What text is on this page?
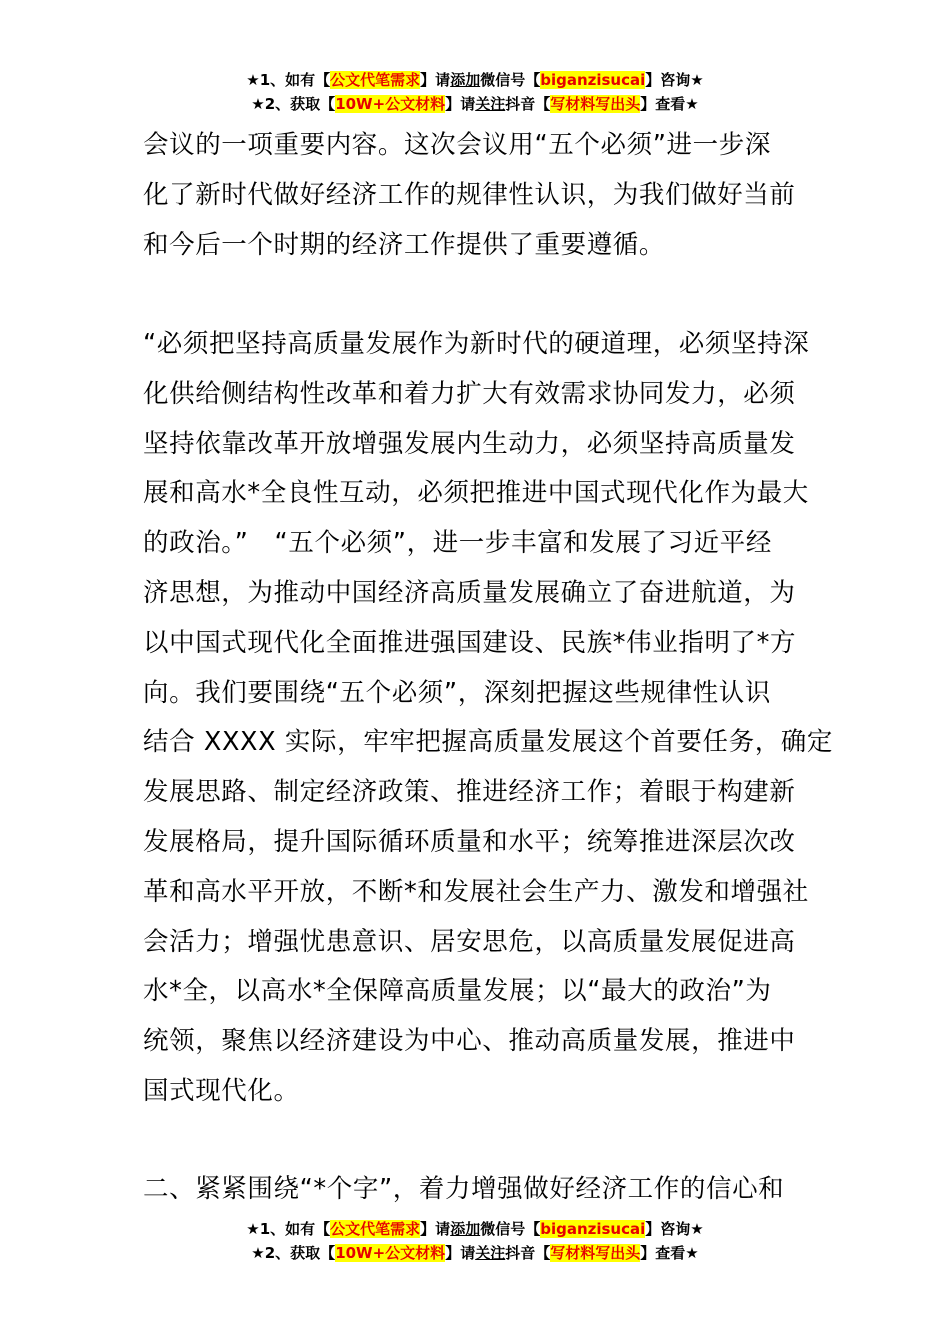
★1、如有【公文代笔需求】请添加微信号【biganzisucai】咨询★
★2、获取【10W+公文材料】请关注抖音【写材料写出头】查看★
会议的一项重要内容。这次会议用“五个必须”进一步深
化了新时代做好经济工作的规律性认识，为我们做好当前
和今后一个时期的经济工作提供了重要遵循。
“必须把坚持高质量发展作为新时代的硬道理，必须坚持深
化供给侧结构性改革和着力扩大有效需求协同发力，必须
坚持依靠改革开放增强发展内生动力，必须坚持高质量发
展和高水*全良性互动，必须把推进中国式现代化作为最大
的政治。”　“五个必须”，进一步丰富和发展了习近平经
济思想，为推动中国经济高质量发展确立了奋进航道，为
以中国式现代化全面推进强国建设、民族*伟业指明了*方
向。我们要围绕“五个必须”，深刻把握这些规律性认识
结合 XXXX 实际，牢牢把握高质量发展这个首要任务，确定
发展思路、制定经济政策、推进经济工作；着眼于构建新
发展格局，提升国际循环质量和水平；统筹推进深层次改
革和高水平开放，不断*和发展社会生产力、激发和增强社
会活力；增强忧患意识、居安思危，以高质量发展促进高
水*全，以高水*全保障高质量发展；以“最大的政治”为
统领，聚焦以经济建设为中心、推动高质量发展，推进中
国式现代化。
二、紧紧围绕“*个字”，着力增强做好经济工作的信心和
★1、如有【公文代笔需求】请添加微信号【biganzisucai】咨询★
★2、获取【10W+公文材料】请关注抖音【写材料写出头】查看★
